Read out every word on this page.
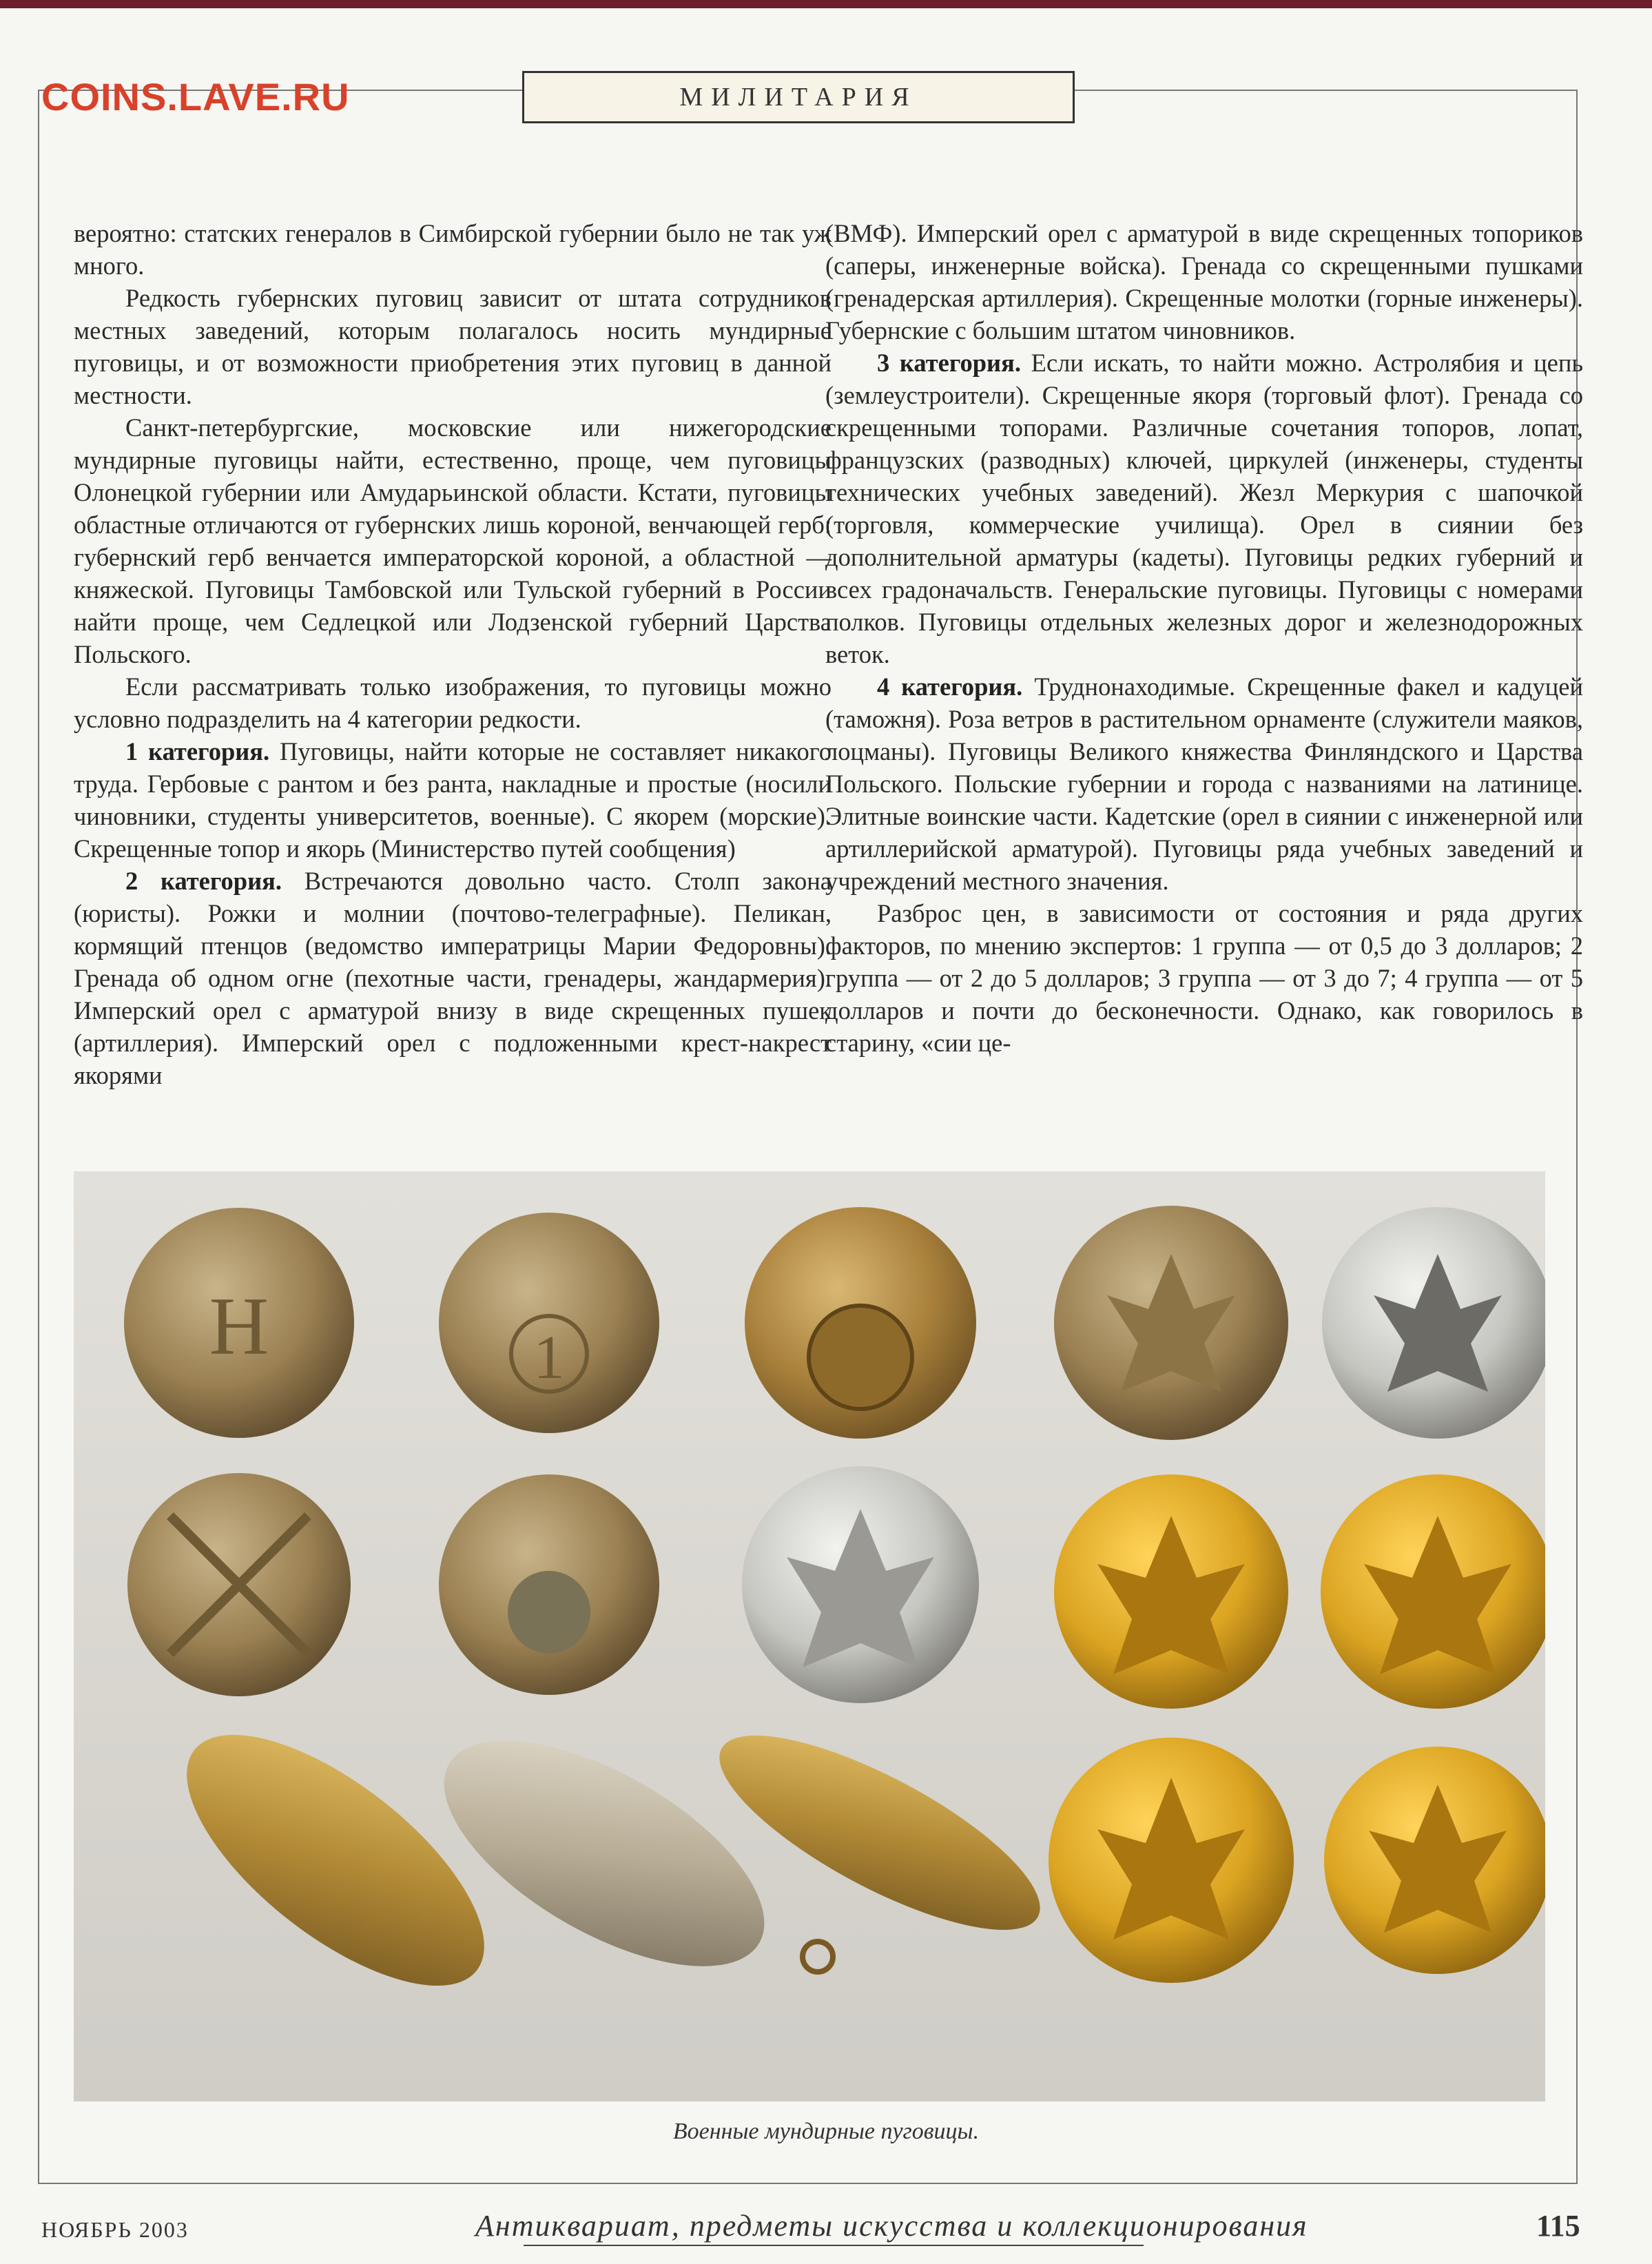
COINS.LAVE.RU	МИЛИТАРИЯ

вероятно: статских генералов в Симбирской губернии было не так уж много.

Редкость губернских пуговиц зависит от штата сотрудников местных заведений, которым полагалось носить мундирные пуговицы, и от возможности приобретения этих пуговиц в данной местности.

Санкт-петербургские, московские или нижегородские мундирные пуговицы найти, естественно, проще, чем пуговицы Олонецкой губернии или Амударьинской области. Кстати, пуговицы областные отличаются от губернских лишь короной, венчающей герб: губернский герб венчается императорской короной, а областной — княжеской. Пуговицы Тамбовской или Тульской губерний в России найти проще, чем Седлецкой или Лодзенской губерний Царства Польского.

Если рассматривать только изображения, то пуговицы можно условно подразделить на 4 категории редкости.

1 категория. Пуговицы, найти которые не составляет никакого труда. Гербовые с рантом и без ранта, накладные и простые (носили чиновники, студенты университетов, военные). С якорем (морские). Скрещенные топор и якорь (Министерство путей сообщения)

2 категория. Встречаются довольно часто. Столп закона (юристы). Рожки и молнии (почтово-телеграфные). Пеликан, кормящий птенцов (ведомство императрицы Марии Федоровны). Гренада об одном огне (пехотные части, гренадеры, жандармерия). Имперский орел с арматурой внизу в виде скрещенных пушек (артиллерия). Имперский орел с подложенными крест-накрест якорями

(ВМФ). Имперский орел с арматурой в виде скрещенных топориков (саперы, инженерные войска). Гренада со скрещенными пушками (гренадерская артиллерия). Скрещенные молотки (горные инженеры). Губернские с большим штатом чиновников.

3 категория. Если искать, то найти можно. Астролябия и цепь (землеустроители). Скрещенные якоря (торговый флот). Гренада со скрещенными топорами. Различные сочетания топоров, лопат, французских (разводных) ключей, циркулей (инженеры, студенты технических учебных заведений). Жезл Меркурия с шапочкой (торговля, коммерческие училища). Орел в сиянии без дополнительной арматуры (кадеты). Пуговицы редких губерний и всех градоначальств. Генеральские пуговицы. Пуговицы с номерами полков. Пуговицы отдельных железных дорог и железнодорожных веток.

4 категория. Труднонаходимые. Скрещенные факел и кадуцей (таможня). Роза ветров в растительном орнаменте (служители маяков, лоцманы). Пуговицы Великого княжества Финляндского и Царства Польского. Польские губернии и города с названиями на латинице. Элитные воинские части. Кадетские (орел в сиянии с инженерной или артиллерийской арматурой). Пуговицы ряда учебных заведений и учреждений местного значения.

Разброс цен, в зависимости от состояния и ряда других факторов, по мнению экспертов: 1 группа — от 0,5 до 3 долларов; 2 группа — от 2 до 5 долларов; 3 группа — от 3 до 7; 4 группа — от 5 долларов и почти до бесконечности. Однако, как говорилось в старину, «сии це-

Н	1
Военные мундирные пуговицы.
НОЯБРЬ 2003	Антиквариат, предметы искусства и коллекционирования	115
